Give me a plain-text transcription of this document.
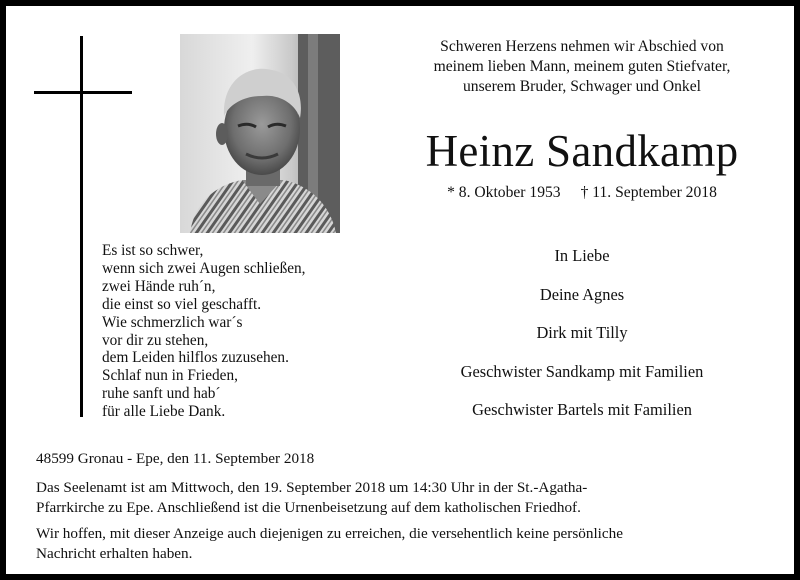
Es ist so schwer,
wenn sich zwei Augen schließen,
zwei Hände ruh´n,
die einst so viel geschafft.
Wie schmerzlich war´s
vor dir zu stehen,
dem Leiden hilflos zuzusehen.
Schlaf nun in Frieden,
ruhe sanft und hab´
für alle Liebe Dank.
Schweren Herzens nehmen wir Abschied von
meinem lieben Mann, meinem guten Stiefvater,
unserem Bruder, Schwager und Onkel
Heinz Sandkamp
* 8. Oktober 1953 † 11. September 2018
In Liebe
Deine Agnes
Dirk mit Tilly
Geschwister Sandkamp mit Familien
Geschwister Bartels mit Familien

48599 Gronau - Epe, den 11. September 2018

Das Seelenamt ist am Mittwoch, den 19. September 2018 um 14:30 Uhr in der St.-Agatha-

Pfarrkirche zu Epe. Anschließend ist die Urnenbeisetzung auf dem katholischen Friedhof.

Wir hoffen, mit dieser Anzeige auch diejenigen zu erreichen, die versehentlich keine persönliche

Nachricht erhalten haben.
